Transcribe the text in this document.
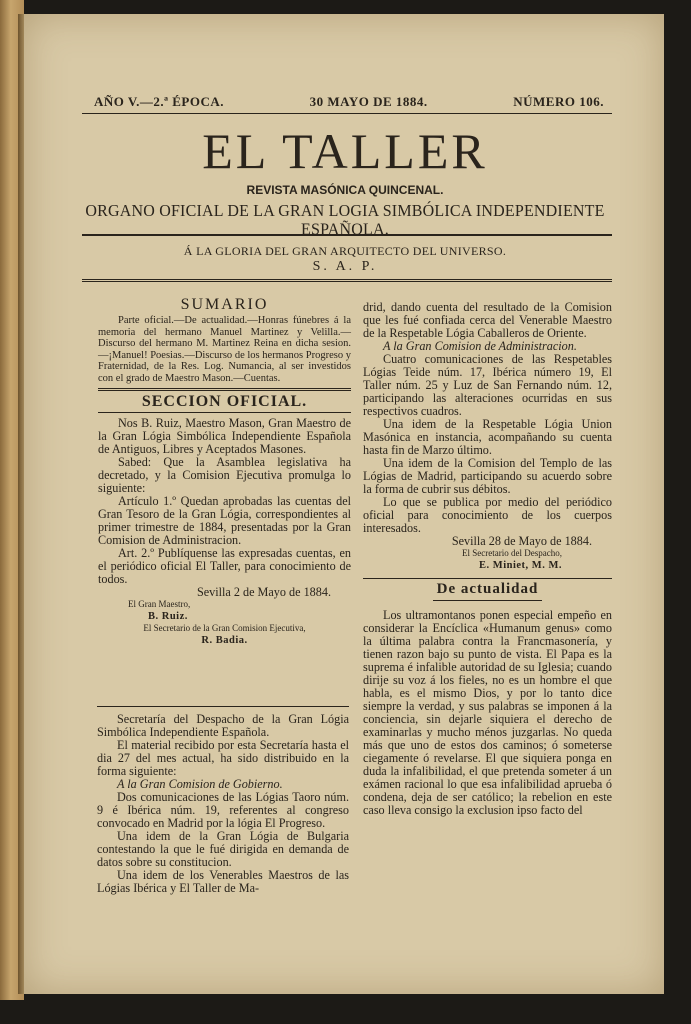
AÑO V.—2.ª ÉPOCA.	30 MAYO DE 1884.	NÚMERO 106.
EL TALLER
REVISTA MASÓNICA QUINCENAL.
ORGANO OFICIAL DE LA GRAN LOGIA SIMBÓLICA INDEPENDIENTE ESPAÑOLA.
Á LA GLORIA DEL GRAN ARQUITECTO DEL UNIVERSO.
S. A. P.
SUMARIO

Parte oficial.—De actualidad.—Honras fúnebres á la memoria del hermano Manuel Martinez y Velilla.—Discurso del hermano M. Martinez Reina en dicha sesion.—¡Manuel! Poesias.—Discurso de los hermanos Progreso y Fraternidad, de la Res. Log. Numancia, al ser investidos con el grado de Maestro Mason.—Cuentas.

SECCION OFICIAL.

Nos B. Ruiz, Maestro Mason, Gran Maestro de la Gran Lógia Simbólica Independiente Española de Antiguos, Libres y Aceptados Masones.

Sabed: Que la Asamblea legislativa ha decretado, y la Comision Ejecutiva promulga lo siguiente:

Artículo 1.º Quedan aprobadas las cuentas del Gran Tesoro de la Gran Lógia, correspondientes al primer trimestre de 1884, presentadas por la Gran Comision de Administracion.

Art. 2.º Publíquense las expresadas cuentas, en el periódico oficial El Taller, para conocimiento de todos.

Sevilla 2 de Mayo de 1884.

El Gran Maestro,
B. Ruiz.
El Secretario de la Gran Comision Ejecutiva,
R. Badia.

Secretaría del Despacho de la Gran Lógia Simbólica Independiente Española.

El material recibido por esta Secretaría hasta el dia 27 del mes actual, ha sido distribuido en la forma siguiente:

A la Gran Comision de Gobierno.

Dos comunicaciones de las Lógias Taoro núm. 9 é Ibérica núm. 19, referentes al congreso convocado en Madrid por la lógia El Progreso.

Una idem de la Gran Lógia de Bulgaria contestando la que le fué dirigida en demanda de datos sobre su constitucion.

Una idem de los Venerables Maestros de las Lógias Ibérica y El Taller de Ma-

drid, dando cuenta del resultado de la Comision que les fué confiada cerca del Venerable Maestro de la Respetable Lógia Caballeros de Oriente.

A la Gran Comision de Administracion.

Cuatro comunicaciones de las Respetables Lógias Teide núm. 17, Ibérica número 19, El Taller núm. 25 y Luz de San Fernando núm. 12, participando las alteraciones ocurridas en sus respectivos cuadros.

Una idem de la Respetable Lógia Union Masónica en instancia, acompañando su cuenta hasta fin de Marzo último.

Una idem de la Comision del Templo de las Lógias de Madrid, participando su acuerdo sobre la forma de cubrir sus débitos.

Lo que se publica por medio del periódico oficial para conocimiento de los cuerpos interesados.

Sevilla 28 de Mayo de 1884.

El Secretario del Despacho,
E. Miniet, M. M.
De actualidad

Los ultramontanos ponen especial empeño en considerar la Encíclica «Humanum genus» como la última palabra contra la Francmasonería, y tienen razon bajo su punto de vista. El Papa es la suprema é infalible autoridad de su Iglesia; cuando dirije su voz á los fieles, no es un hombre el que habla, es el mismo Dios, y por lo tanto dice siempre la verdad, y sus palabras se imponen á la conciencia, sin dejarle siquiera el derecho de examinarlas y mucho ménos juzgarlas. No queda más que uno de estos dos caminos; ó someterse ciegamente ó revelarse. El que siquiera ponga en duda la infalibilidad, el que pretenda someter á un exámen racional lo que esa infalibilidad aprueba ó condena, deja de ser católico; la rebelion en este caso lleva consigo la exclusion ipso facto del
